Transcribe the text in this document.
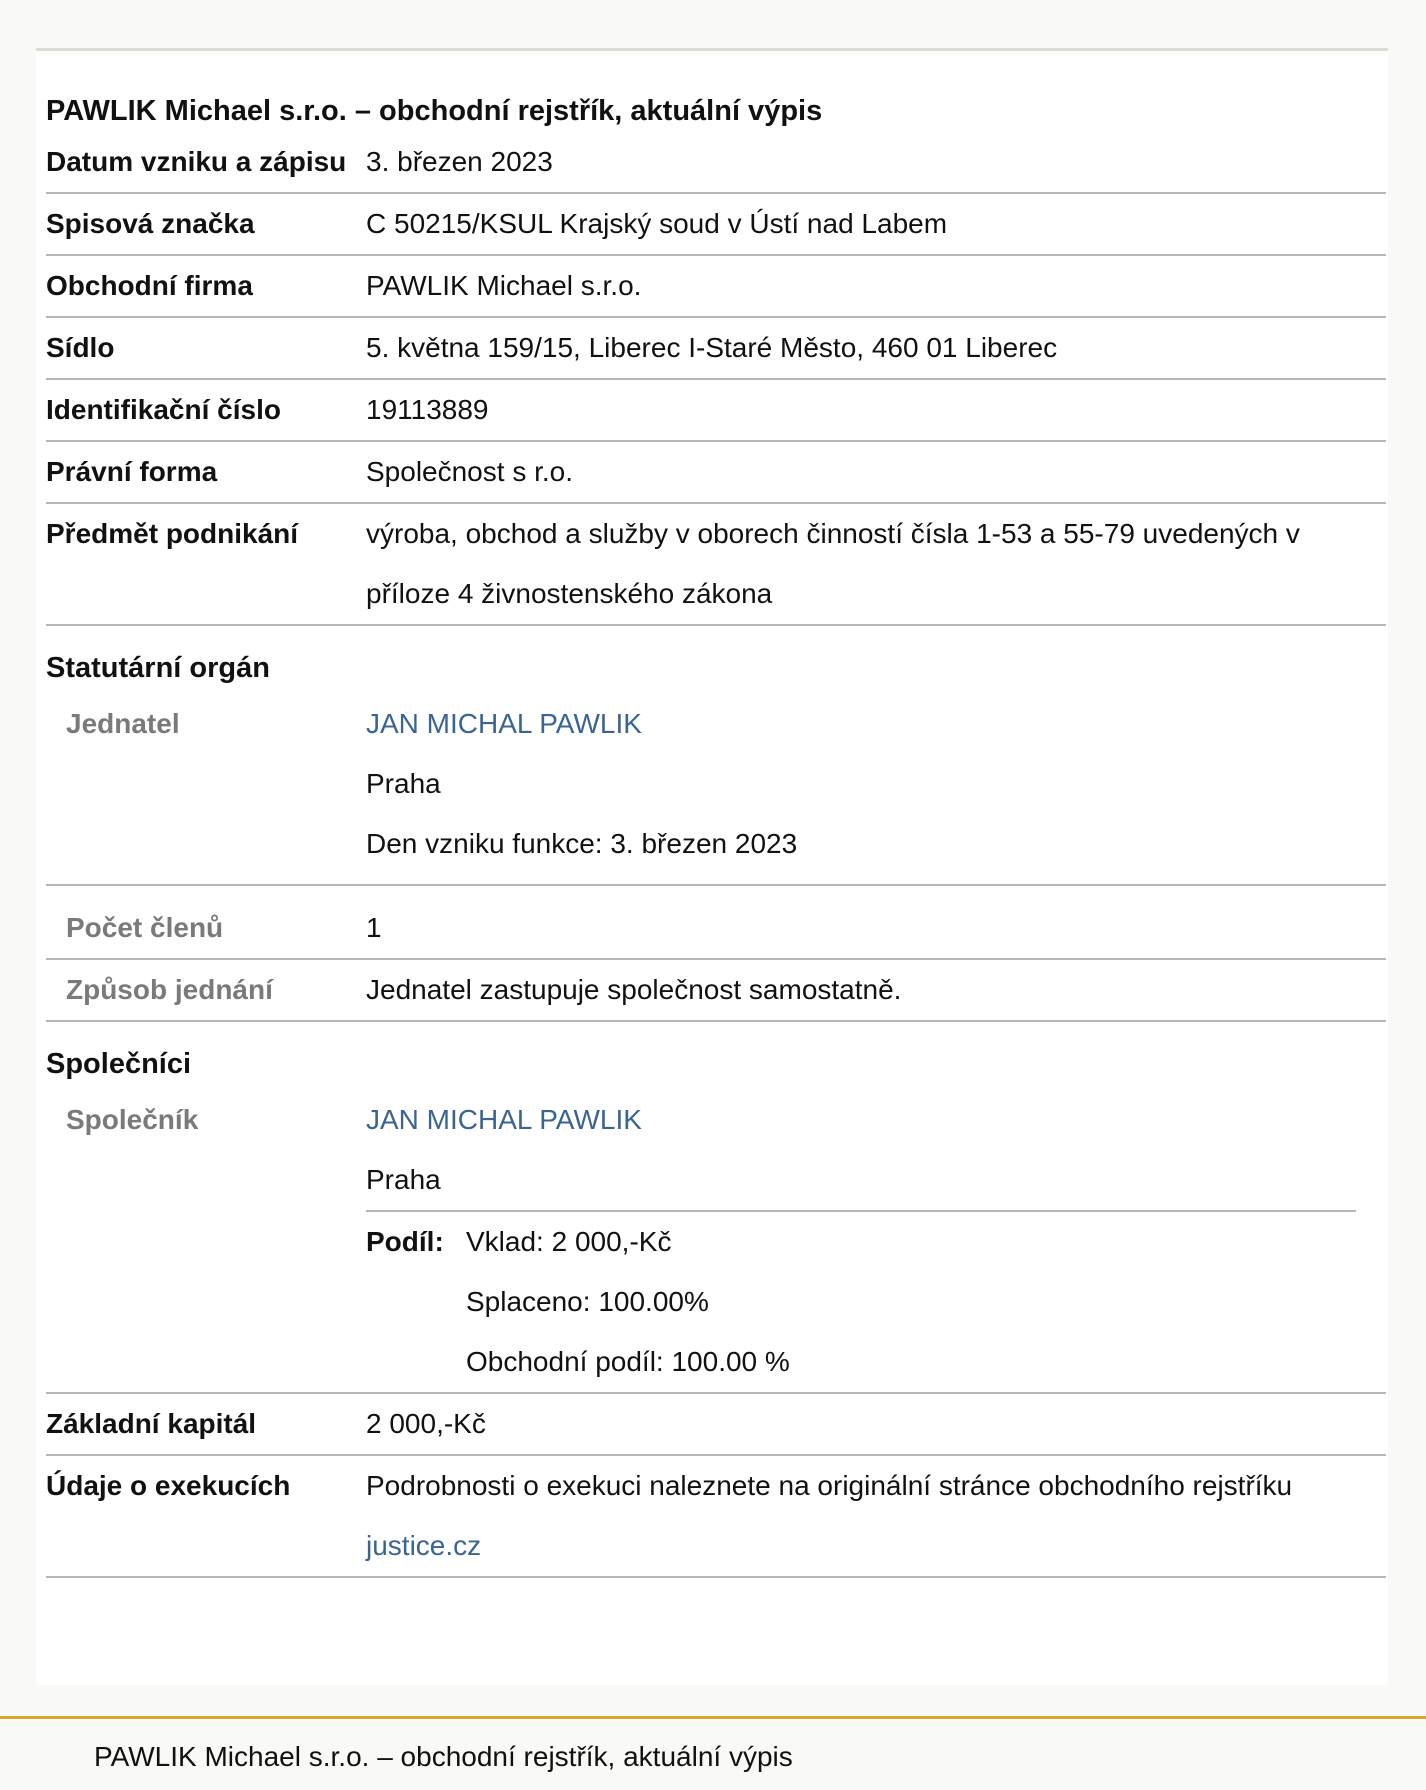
PAWLIK Michael s.r.o. – obchodní rejstřík, aktuální výpis
Datum vzniku a zápisu 3. březen 2023
Spisová značka	C 50215/KSUL Krajský soud v Ústí nad Labem
Obchodní firma	PAWLIK Michael s.r.o.
Sídlo	5. května 159/15, Liberec I-Staré Město, 460 01 Liberec
Identifikační číslo	19113889
Právní forma	Společnost s r.o.
Předmět podnikání	výroba, obchod a služby v oborech činností čísla 1-53 a 55-79 uvedených v příloze 4 živnostenského zákona
Statutární orgán
Jednatel	JAN MICHAL PAWLIK
Praha
Den vzniku funkce: 3. březen 2023
Počet členů	1
Způsob jednání	Jednatel zastupuje společnost samostatně.
Společníci
Společník	JAN MICHAL PAWLIK
Praha
Podíl: Vklad: 2 000,-Kč
Splaceno: 100.00%
Obchodní podíl: 100.00 %
Základní kapitál	2 000,-Kč
Údaje o exekucích	Podrobnosti o exekuci naleznete na originální stránce obchodního rejstříku
justice.cz
PAWLIK Michael s.r.o. – obchodní rejstřík, aktuální výpis
